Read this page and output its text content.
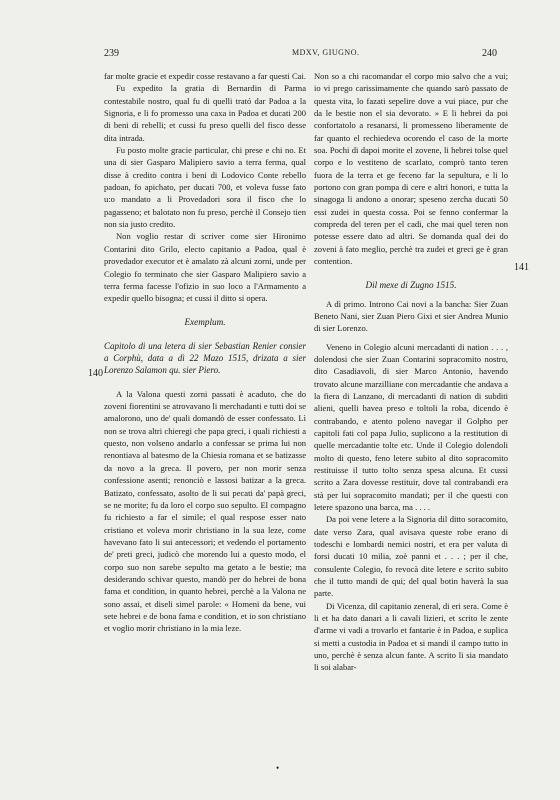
239	MDXV, GIUGNO.	240
140
141

far molte gracie et expedir cosse restavano a far questi Cai.

Fu expedito la gratia di Bernardin di Parma contestabile nostro, qual fu di quelli trató dar Padoa a la Signoria, e li fo promesso una caxa in Padoa et ducati 200 di beni di rebelli; et cussi fu preso quelli del fisco desse dita intrada.

Fu posto molte gracie particular, chi prese e chi no. Et una di sier Gasparo Malipiero savio a terra ferma, qual disse à credito contra i beni di Lodovico Conte rebello padoan, fo apichato, per ducati 700, et voleva fusse fato u:o mandato a li Provedadori sora il fisco che lo pagasseno; et balotato non fu preso, perchè il Consejo tien non sia justo credito.

Non voglio restar di scriver come sier Hironimo Contarini dito Grilo, electo capitanio a Padoa, qual è provedador executor et è amalato zà alcuni zorni, unde per Colegio fo terminato che sier Gasparo Malipiero savio a terra ferma facesse l'ofizio in suo loco a l'Armamento a expedir quello bisogna; et cussi il ditto si opera.

Exemplum.

Capitolo di una letera di sier Sebastian Renier consier a Corphù, data a dì 22 Mazo 1515, drizata a sier Lorenzo Salamon qu. sier Piero.

A la Valona questi zorni passati è acaduto, che do zoveni fiorentini se atrovavano li merchadanti e tutti doi se amalorono, uno de' quali domandò de esser confessato. Lì non se trova altri chieregi che papa greci, i quali richiesti a questo, non volseno andarlo a confessar se prima lui non renontiava al batesmo de la Chiesia romana et se batizasse da novo a la greca. Il povero, per non morir senza confessione asenti; renonciò e lassosi batizar a la greca. Batizato, confessato, asolto de li sui pecati da' papà greci, se ne morite; fu da loro el corpo suo sepulto. El compagno fu richiesto a far el simile; el qual respose esser nato cristiano et voleva morir christiano in la sua leze, come havevano fato li sui antecessori; et vedendo el portamento de' preti greci, judicò che morendo lui a questo modo, el corpo suo non sarebe sepulto ma getato a le bestie; ma desiderando schivar questo, mandò per do hebrei de bona fama et condition, in quanto hebrei, perchè a la Valona ne sono assai, et diseli simel parole: « Homeni da bene, vui sete hebrei e de bona fama e condition, et io son christiano et voglio morir christiano in la mia leze.

Non so a chi racomandar el corpo mio salvo che a vui; io vi prego carissimamente che quando sarò passato de questa vita, lo fazati sepelire dove a vui piace, pur che da le bestie non el sia devorato. » E li hebrei da poi confortatolo a resanarsi, li promesseno liberamente de far quanto el rechiedeva ocorendo el caso de la morte soa. Pochi di dapoi morite el zovene, li hebrei tolse quel corpo e lo vestiteno de scarlato, comprò tanto teren fuora de la terra et ge feceno far la sepultura, e li lo portono con gran pompa di cere e altri honori, e tutta la sinagoga li andono a onorar; speseno zercha ducati 50 essi zudei in questa cossa. Poi se fenno confermar la compreda del teren per el cadi, che mai quel teren non potesse essere dato ad altri. Se domanda qual dei do zoveni à fato meglio, perchè tra zudei et greci ge è gran contention.

Dil mexe di Zugno 1515.

A dì primo. Introno Cai novi a la bancha: Sier Zuan Beneto Nani, sier Zuan Piero Gixi et sier Andrea Munio di sier Lorenzo.

Veneno in Colegio alcuni mercadanti di nation . . . , dolendosi che sier Zuan Contarini sopracomito nostro, dito Casadiavoli, di sier Marco Antonio, havendo trovato alcune marzilliane con mercadantie che andava a la fiera di Lanzano, di mercadanti di nation di subditi alieni, quelli havea preso e toltoli la roba, dicendo è contrabando, e atento poleno navegar il Golpho per capitoli fati col papa Julio, suplicono a la restitution di quelle mercadantie tolte etc. Unde il Colegio dolendoli molto di questo, feno letere subito al dito sopracomito restituisse il tutto tolto senza spesa alcuna. Et cussì scrito a Zara dovesse restituir, dove tal contrabandi era stà per lui sopracomito mandati; per il che questi con letere spazono una barca, ma . . . .

Da poi vene letere a la Signoria dil ditto soracomito, date verso Zara, qual avisava queste robe erano di todeschi e lombardi nemici nostri, et era per valuta di forsi ducati 10 milia, zoè panni et . . . ; per il che, consulente Colegio, fo revocà dite letere e scrito subito che il tutto mandi de qui; del qual botin haverà la sua parte.

Di Vicenza, dil capitanio zeneral, di eri sera. Come è li et ha dato danari a li cavali lizieri, et scrito le zente d'arme vi vadi a trovarlo et fantarie è in Padoa, e suplica si metti a custodia in Padoa et si mandi il campo tutto in uno, perchè è senza alcun fante. A scrito li sia mandato li soi alabar-

•
